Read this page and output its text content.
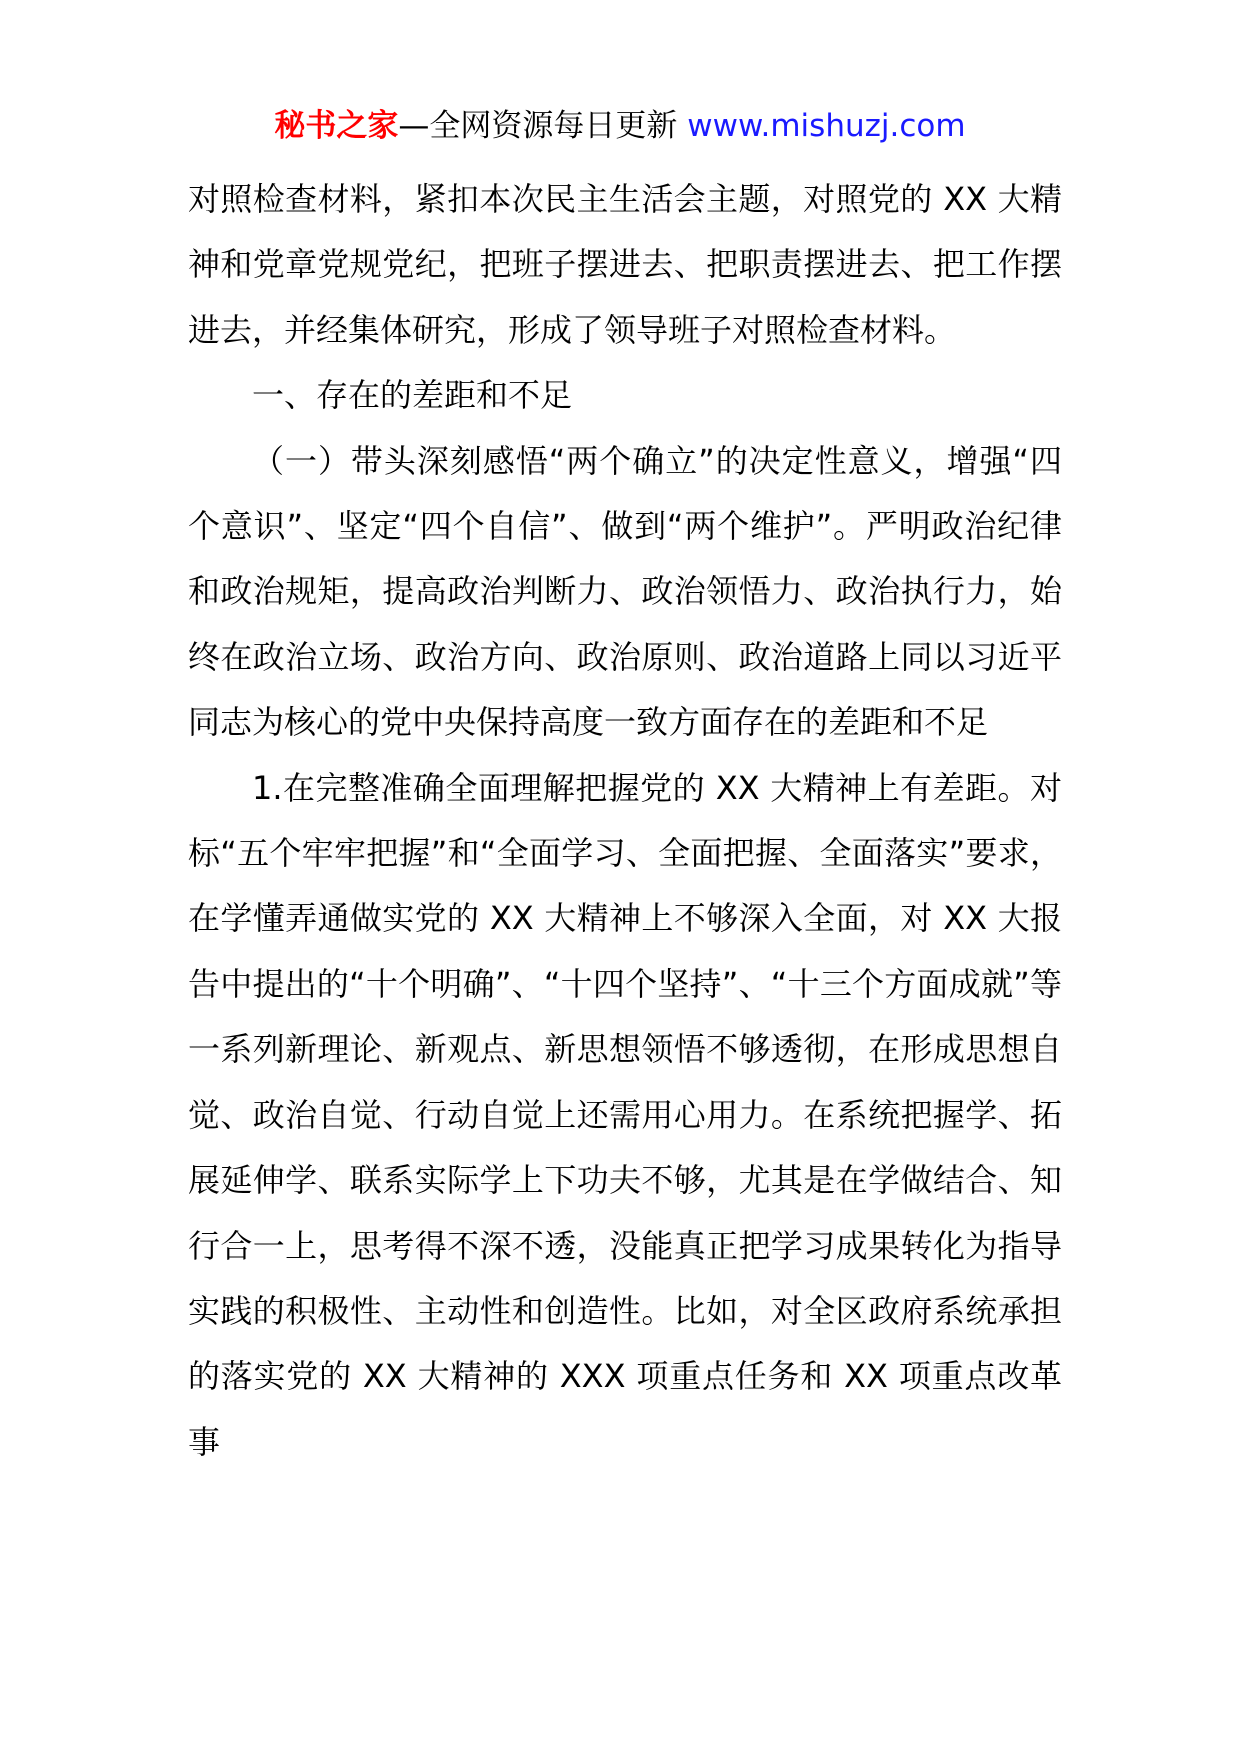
秘书之家—全网资源每日更新 www.mishuzj.com

对照检查材料，紧扣本次民主生活会主题，对照党的 XX 大精神和党章党规党纪，把班子摆进去、把职责摆进去、把工作摆进去，并经集体研究，形成了领导班子对照检查材料。

一、存在的差距和不足

（一）带头深刻感悟“两个确立”的决定性意义，增强“四个意识”、坚定“四个自信”、做到“两个维护”。严明政治纪律和政治规矩，提高政治判断力、政治领悟力、政治执行力，始终在政治立场、政治方向、政治原则、政治道路上同以习近平同志为核心的党中央保持高度一致方面存在的差距和不足

1.在完整准确全面理解把握党的 XX 大精神上有差距。对标“五个牢牢把握”和“全面学习、全面把握、全面落实”要求，在学懂弄通做实党的 XX 大精神上不够深入全面，对 XX 大报告中提出的“十个明确”、“十四个坚持”、“十三个方面成就”等一系列新理论、新观点、新思想领悟不够透彻，在形成思想自觉、政治自觉、行动自觉上还需用心用力。在系统把握学、拓展延伸学、联系实际学上下功夫不够，尤其是在学做结合、知行合一上，思考得不深不透，没能真正把学习成果转化为指导实践的积极性、主动性和创造性。比如，对全区政府系统承担的落实党的 XX 大精神的 XXX 项重点任务和 XX 项重点改革事
